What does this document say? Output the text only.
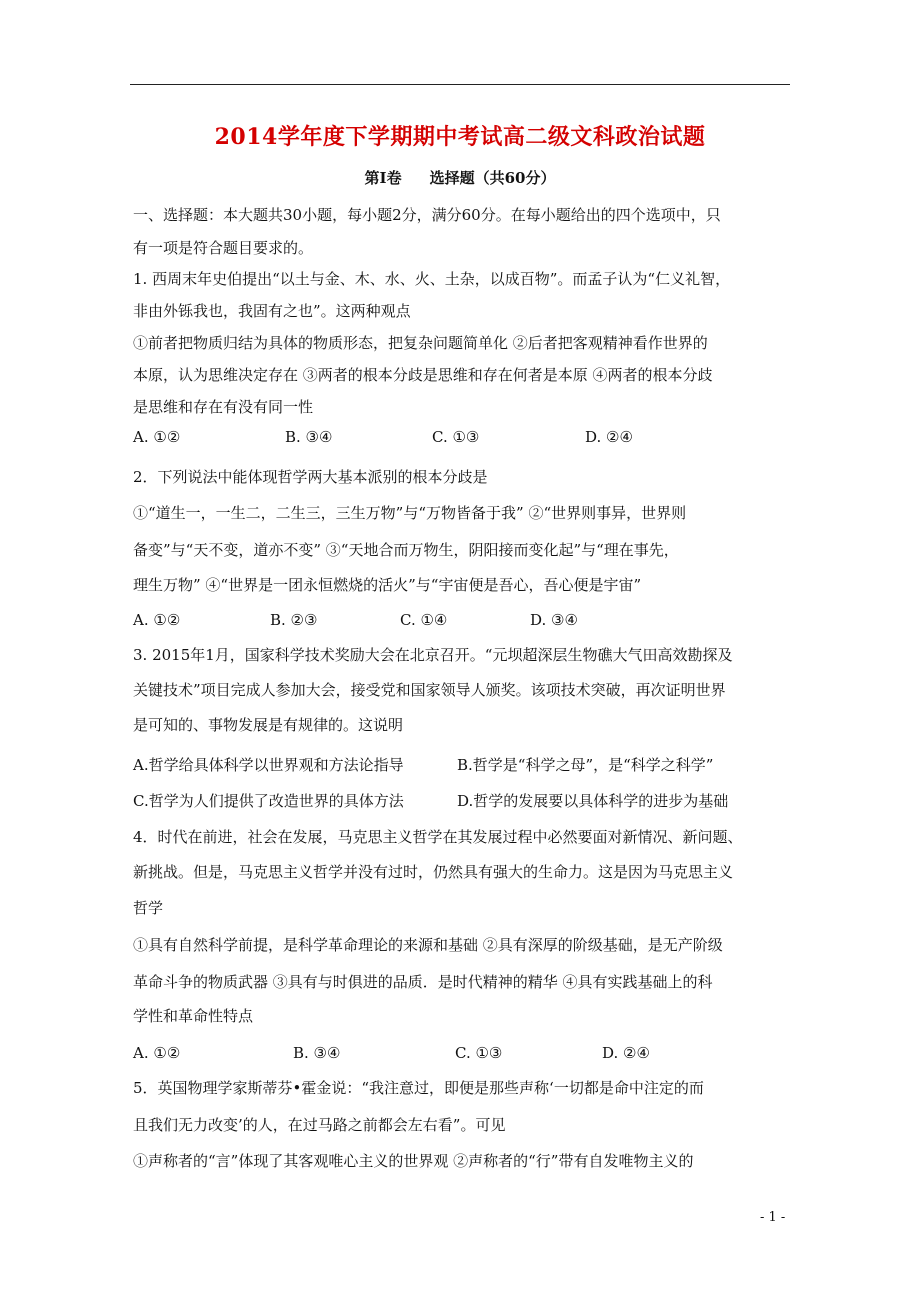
2014学年度下学期期中考试高二级文科政治试题
第Ⅰ卷 选择题（共60分）
一、选择题：本大题共30小题，每小题2分，满分60分。在每小题给出的四个选项中，只
有一项是符合题目要求的。
1. 西周末年史伯提出“以土与金、木、水、火、土杂，以成百物”。而孟子认为“仁义礼智，
非由外铄我也，我固有之也”。这两种观点
①前者把物质归结为具体的物质形态，把复杂问题简单化 ②后者把客观精神看作世界的
本原，认为思维决定存在 ③两者的根本分歧是思维和存在何者是本原 ④两者的根本分歧
是思维和存在有没有同一性
A. ①②	B. ③④	C. ①③	D. ②④
2．下列说法中能体现哲学两大基本派别的根本分歧是
①“道生一，一生二，二生三，三生万物”与“万物皆备于我” ②“世界则事异，世界则
备变”与“天不变，道亦不变” ③“天地合而万物生，阴阳接而变化起”与“理在事先，
理生万物” ④“世界是一团永恒燃烧的活火”与“宇宙便是吾心，吾心便是宇宙”
A. ①②	B. ②③	C. ①④	D. ③④
3. 2015年1月，国家科学技术奖励大会在北京召开。“元坝超深层生物礁大气田高效勘探及
关键技术”项目完成人参加大会，接受党和国家领导人颁奖。该项技术突破，再次证明世界
是可知的、事物发展是有规律的。这说明
A.哲学给具体科学以世界观和方法论指导	B.哲学是“科学之母”，是“科学之科学”
C.哲学为人们提供了改造世界的具体方法	D.哲学的发展要以具体科学的进步为基础
4．时代在前进，社会在发展，马克思主义哲学在其发展过程中必然要面对新情况、新问题、
新挑战。但是，马克思主义哲学并没有过时，仍然具有强大的生命力。这是因为马克思主义
哲学
①具有自然科学前提，是科学革命理论的来源和基础 ②具有深厚的阶级基础，是无产阶级
革命斗争的物质武器 ③具有与时俱进的品质．是时代精神的精华 ④具有实践基础上的科
学性和革命性特点
A. ①②	B. ③④	C. ①③	D. ②④
5．英国物理学家斯蒂芬•霍金说：“我注意过，即便是那些声称‘一切都是命中注定的而
且我们无力改变’的人，在过马路之前都会左右看”。可见
①声称者的“言”体现了其客观唯心主义的世界观 ②声称者的“行”带有自发唯物主义的
- 1 -
